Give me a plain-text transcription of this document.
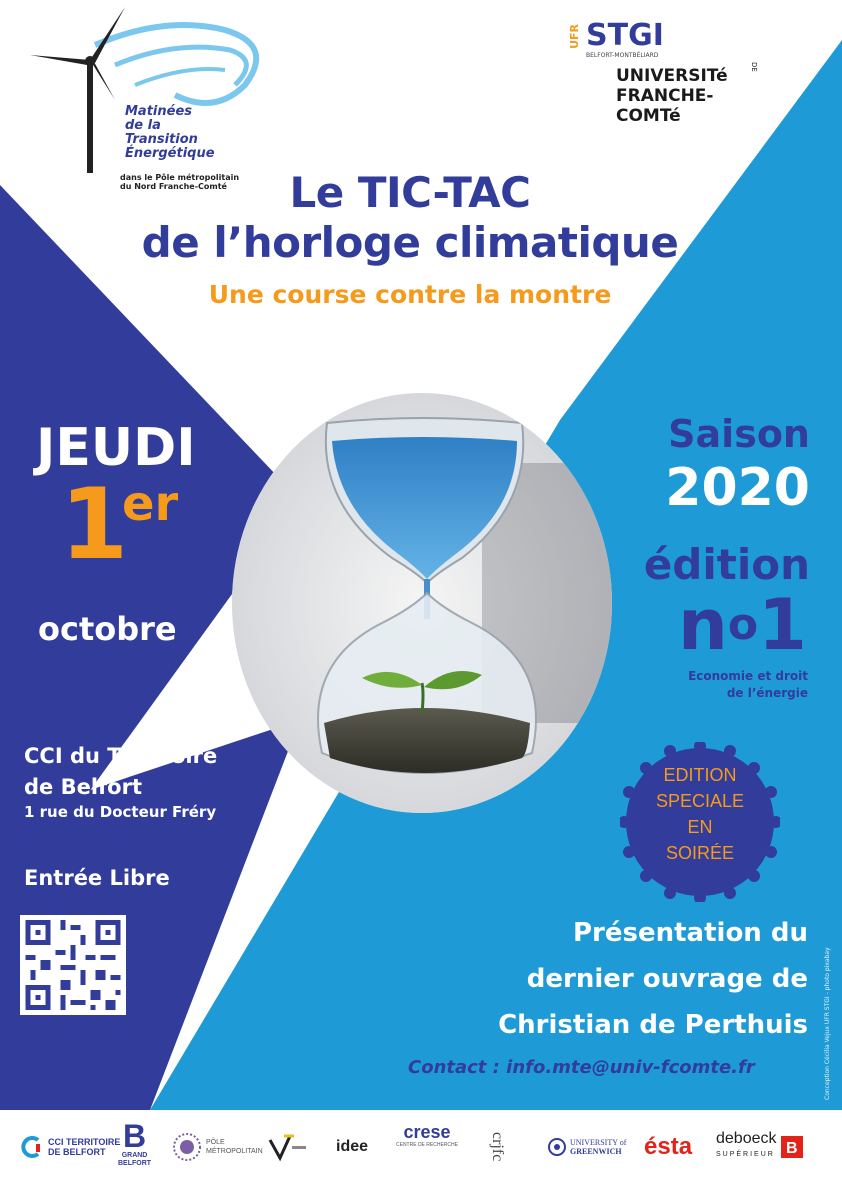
Matinées
de la
Transition
Énergétique
dans le Pôle métropolitain
du Nord Franche-Comté
UFR STGI
BELFORT-MONTBÉLIARD
UNIVERSITé	DE
FRANCHE-COMTé
Le TIC-TAC
de l’horloge climatique
Une course contre la montre
JEUDI
1
er
octobre
Saison
2020
édition
$n^o1$
Economie et droit
de l’énergie
EDITION
SPECIALE
EN
SOIRÉE
CCI du Territoire
de Belfort
1 rue du Docteur Fréry
Entrée Libre
Présentation du
dernier ouvrage de
Christian de Perthuis
Contact : info.mte@univ-fcomte.fr	Conception Cécilia Vejux UFR STGI - photo pixabay
CCI TERRITOIRE
DE BELFORT B
GRAND
BELFORT
PÔLE
MÉTROPOLITAIN	idee
crese
CENTRE DE RECHERCHE crjfc	UNIVERSITY of
GREENWICH ésta deboeck
SUPÉRIEUR B
